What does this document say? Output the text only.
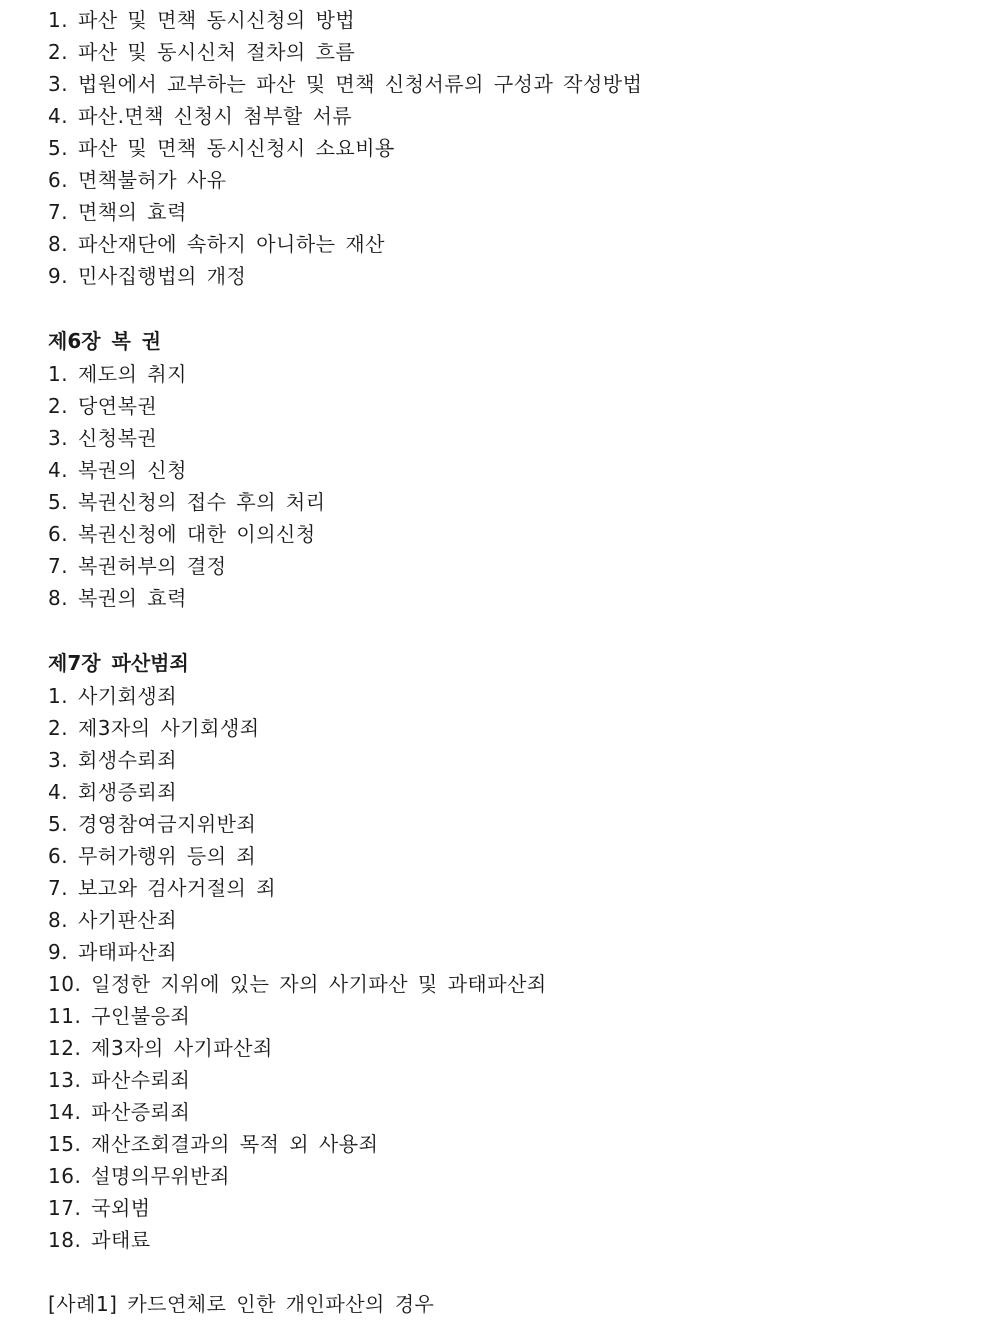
1. 파산 및 면책 동시신청의 방법
2. 파산 및 동시신처 절차의 흐름
3. 법원에서 교부하는 파산 및 면책 신청서류의 구성과 작성방법
4. 파산.면책 신청시 첨부할 서류
5. 파산 및 면책 동시신청시 소요비용
6. 면책불허가 사유
7. 면책의 효력
8. 파산재단에 속하지 아니하는 재산
9. 민사집행법의 개정
제6장 복 권
1. 제도의 취지
2. 당연복권
3. 신청복권
4. 복권의 신청
5. 복권신청의 접수 후의 처리
6. 복권신청에 대한 이의신청
7. 복권허부의 결정
8. 복권의 효력
제7장 파산범죄
1. 사기회생죄
2. 제3자의 사기회생죄
3. 회생수뢰죄
4. 회생증뢰죄
5. 경영참여금지위반죄
6. 무허가행위 등의 죄
7. 보고와 검사거절의 죄
8. 사기판산죄
9. 과태파산죄
10. 일정한 지위에 있는 자의 사기파산 및 과태파산죄
11. 구인불응죄
12. 제3자의 사기파산죄
13. 파산수뢰죄
14. 파산증뢰죄
15. 재산조회결과의 목적 외 사용죄
16. 설명의무위반죄
17. 국외범
18. 과태료
[사례1] 카드연체로 인한 개인파산의 경우
